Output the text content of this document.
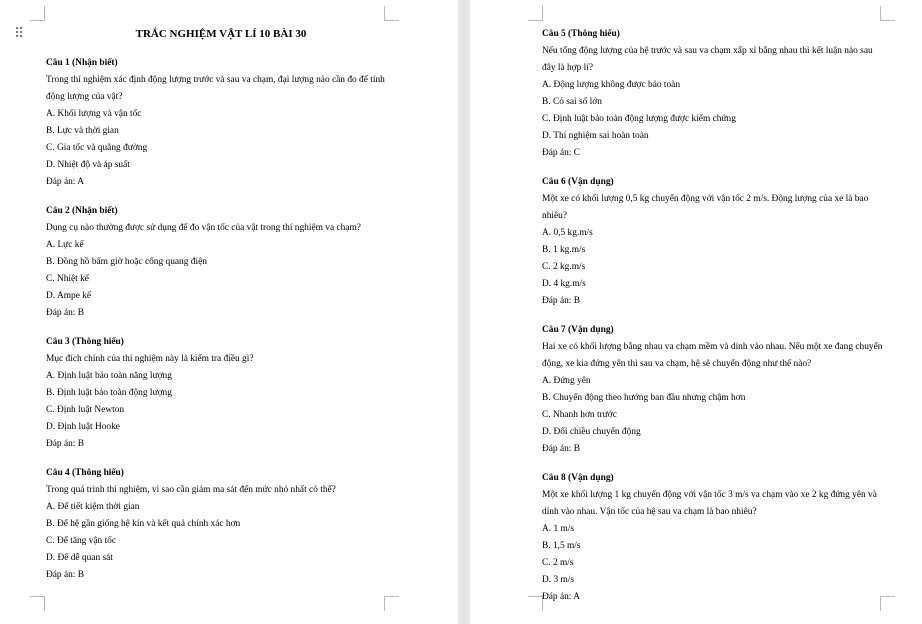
⠿	TRẮC NGHIỆM VẬT LÍ 10 BÀI 30
Câu 1 (Nhận biết)
Trong thí nghiệm xác định động lượng trước và sau va chạm, đại lượng nào cần đo để tính động lượng của vật?
A. Khối lượng và vận tốc
B. Lực và thời gian
C. Gia tốc và quãng đường
D. Nhiệt độ và áp suất
Đáp án: A
Câu 2 (Nhận biết)
Dụng cụ nào thường được sử dụng để đo vận tốc của vật trong thí nghiệm va chạm?
A. Lực kế
B. Đồng hồ bấm giờ hoặc cổng quang điện
C. Nhiệt kế
D. Ampe kế
Đáp án: B
Câu 3 (Thông hiểu)
Mục đích chính của thí nghiệm này là kiểm tra điều gì?
A. Định luật bảo toàn năng lượng
B. Định luật bảo toàn động lượng
C. Định luật Newton
D. Định luật Hooke
Đáp án: B
Câu 4 (Thông hiểu)
Trong quá trình thí nghiệm, vì sao cần giảm ma sát đến mức nhỏ nhất có thể?
A. Để tiết kiệm thời gian
B. Để hệ gần giống hệ kín và kết quả chính xác hơn
C. Để tăng vận tốc
D. Để dễ quan sát
Đáp án: B
Câu 5 (Thông hiểu)
Nếu tổng động lượng của hệ trước và sau va chạm xấp xỉ bằng nhau thì kết luận nào sau đây là hợp lí?
A. Động lượng không được bảo toàn
B. Có sai số lớn
C. Định luật bảo toàn động lượng được kiểm chứng
D. Thí nghiệm sai hoàn toàn
Đáp án: C
Câu 6 (Vận dụng)
Một xe có khối lượng 0,5 kg chuyển động với vận tốc 2 m/s. Động lượng của xe là bao nhiêu?
A. 0,5 kg.m/s
B. 1 kg.m/s
C. 2 kg.m/s
D. 4 kg.m/s
Đáp án: B
Câu 7 (Vận dụng)
Hai xe có khối lượng bằng nhau va chạm mềm và dính vào nhau. Nếu một xe đang chuyển động, xe kia đứng yên thì sau va chạm, hệ sẽ chuyển động như thế nào?
A. Đứng yên
B. Chuyển động theo hướng ban đầu nhưng chậm hơn
C. Nhanh hơn trước
D. Đổi chiều chuyển động
Đáp án: B
Câu 8 (Vận dụng)
Một xe khối lượng 1 kg chuyển động với vận tốc 3 m/s va chạm vào xe 2 kg đứng yên và dính vào nhau. Vận tốc của hệ sau va chạm là bao nhiêu?
A. 1 m/s
B. 1,5 m/s
C. 2 m/s
D. 3 m/s
Đáp án: A
